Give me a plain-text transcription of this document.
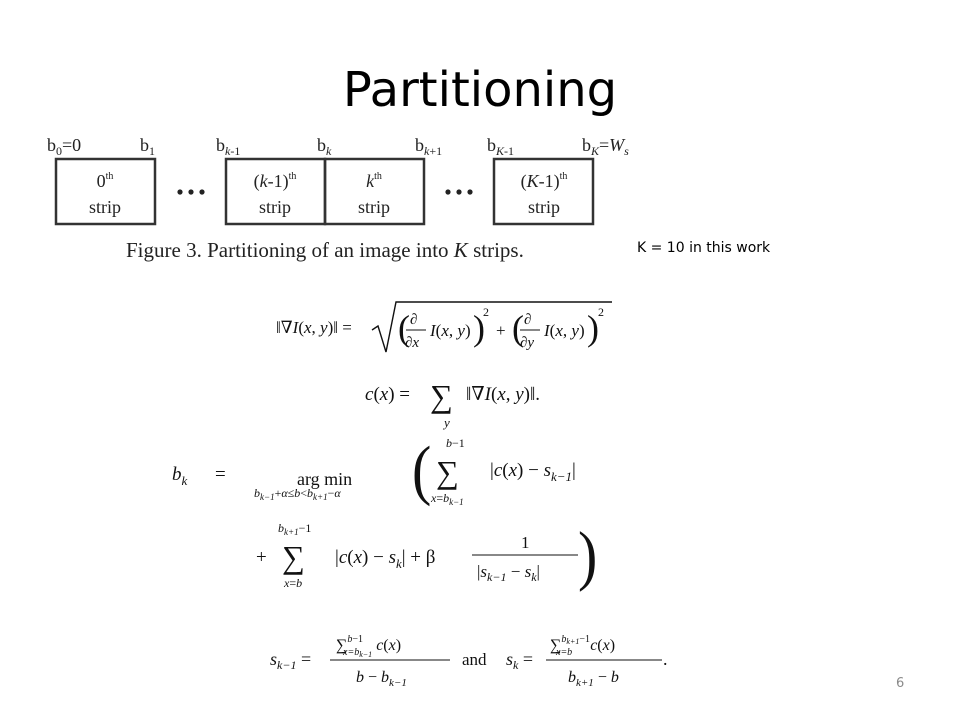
Partitioning
$b_0=0$	$b_1$	$b_k-1$	$b_k$	$b_k+1$ $b_K-1$	$b_K=W_s$
0th
strip
$(k-1)^{th}$
strip
$k^{th}$
strip
$(K-1)^{th}$
strip
Figure 3. Partitioning of an image into K strips.	K = 10 in this work
‖∇I(x, y)‖ = ( ∂
∂x
I(x, y) )
2
+ ( ∂
∂y
I(x, y) ) 2
c(x) = ∑
y
‖∇I(x, y)‖.
$b_k$ =	arg min
$b_{k-1}+\alpha\le b<b_{k+1}-\alpha$ ( b−1
∑
$x=b_{k-1}$
$|c(x) - s_{k-1}|$
+
$b_{k+1}-1$
∑
x=b
$|c(x) - s_k| + \beta$
1
$|s_{k-1} - s_k|$ )
$s_{k-1}$ =
∑$^b$−1 x=bk−1 c(x)
$b - b_{k-1}$
and $s_k$ =
∑$^b$k+1−1 x=b c(x)
$b_{k+1} - b$
.
6
